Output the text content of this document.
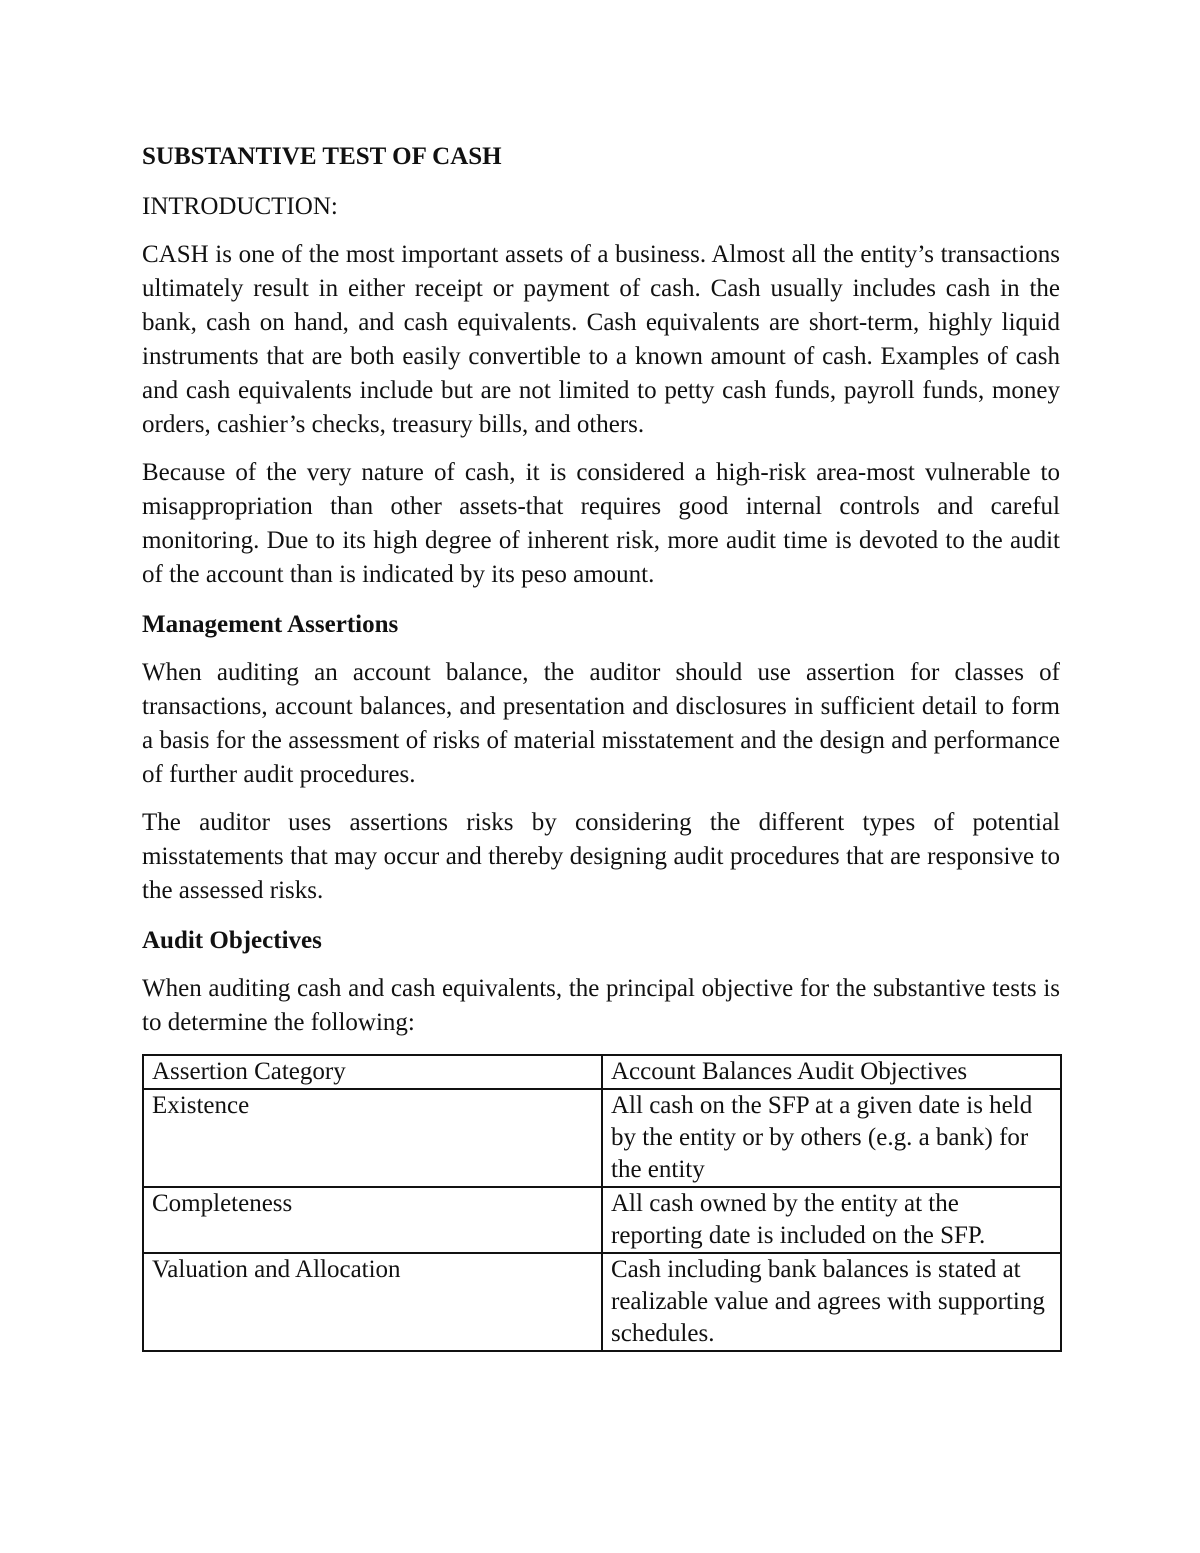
SUBSTANTIVE TEST OF CASH
INTRODUCTION:

CASH is one of the most important assets of a business. Almost all the entity’s transactions ultimately result in either receipt or payment of cash. Cash usually includes cash in the bank, cash on hand, and cash equivalents. Cash equivalents are short-term, highly liquid instruments that are both easily convertible to a known amount of cash. Examples of cash and cash equivalents include but are not limited to petty cash funds, payroll funds, money orders, cashier’s checks, treasury bills, and others.

Because of the very nature of cash, it is considered a high-risk area-most vulnerable to misappropriation than other assets-that requires good internal controls and careful monitoring. Due to its high degree of inherent risk, more audit time is devoted to the audit of the account than is indicated by its peso amount.

Management Assertions

When auditing an account balance, the auditor should use assertion for classes of transactions, account balances, and presentation and disclosures in sufficient detail to form a basis for the assessment of risks of material misstatement and the design and performance of further audit procedures.

The auditor uses assertions risks by considering the different types of potential misstatements that may occur and thereby designing audit procedures that are responsive to the assessed risks.

Audit Objectives

When auditing cash and cash equivalents, the principal objective for the substantive tests is to determine the following:

Assertion Category	Account Balances Audit Objectives
Existence	All cash on the SFP at a given date is held by the entity or by others (e.g. a bank) for the entity
Completeness	All cash owned by the entity at the reporting date is included on the SFP.
Valuation and Allocation	Cash including bank balances is stated at realizable value and agrees with supporting schedules.
